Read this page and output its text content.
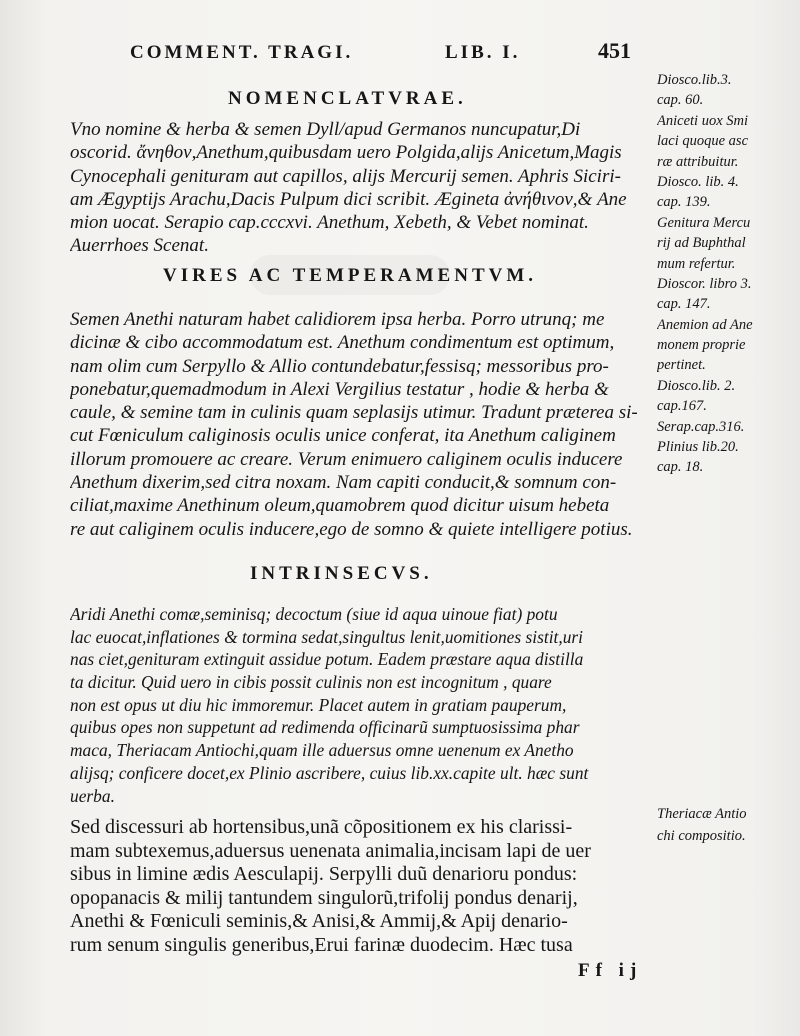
COMMENT. TRAGI.	LIB. I.	451
NOMENCLATVRAE.
Vno nomine & herba & semen Dyll/apud Germanos nuncupatur,Di
oscorid. ἄνηθον,Anethum,quibusdam uero Polgida,alijs Anicetum,Magis
Cynocephali genituram aut capillos, alijs Mercurij semen. Aphris Siciri-
am Ægyptijs Arachu,Dacis Pulpum dici scribit. Ægineta ἀνήθινον,& Ane
mion uocat. Serapio cap.cccxvi. Anethum, Xebeth, & Vebet nominat.
Auerrhoes Scenat.
VIRES AC TEMPERAMENTVM.
Semen Anethi naturam habet calidiorem ipsa herba. Porro utrunq; me
dicinæ & cibo accommodatum est. Anethum condimentum est optimum,
nam olim cum Serpyllo & Allio contundebatur,fessisq; messoribus pro-
ponebatur,quemadmodum in Alexi Vergilius testatur , hodie & herba &
caule, & semine tam in culinis quam seplasijs utimur. Tradunt præterea si-
cut Fœniculum caliginosis oculis unice conferat, ita Anethum caliginem
illorum promouere ac creare. Verum enimuero caliginem oculis inducere
Anethum dixerim,sed citra noxam. Nam capiti conducit,& somnum con-
ciliat,maxime Anethinum oleum,quamobrem quod dicitur uisum hebeta
re aut caliginem oculis inducere,ego de somno & quiete intelligere potius.
INTRINSECVS.
Aridi Anethi comæ,seminisq; decoctum (siue id aqua uinoue fiat) potu
lac euocat,inflationes & tormina sedat,singultus lenit,uomitiones sistit,uri
nas ciet,genituram extinguit assidue potum. Eadem præstare aqua distilla
ta dicitur. Quid uero in cibis possit culinis non est incognitum , quare
non est opus ut diu hic immoremur. Placet autem in gratiam pauperum,
quibus opes non suppetunt ad redimenda officinarũ sumptuosissima phar
maca, Theriacam Antiochi,quam ille aduersus omne uenenum ex Anetho
alijsq; conficere docet,ex Plinio ascribere, cuius lib.xx.capite ult. hæc sunt
uerba.
Sed discessuri ab hortensibus,unã cõpositionem ex his clarissi-
mam subtexemus,aduersus uenenata animalia,incisam lapi de uer
sibus in limine ædis Aesculapij. Serpylli duũ denarioru pondus:
opopanacis & milij tantundem singulorũ,trifolij pondus denarij,
Anethi & Fœniculi seminis,& Anisi,& Ammij,& Apij denario-
rum senum singulis generibus,Erui farinæ duodecim. Hæc tusa
Dioscο.lib.3.
cap. 60.
Aniceti uox Smi
laci quoque asc
ræ attribuitur.
Diosco. lib. 4.
cap. 139.
Genitura Mercu
rij ad Buphthal
mum refertur.
Dioscor. libro 3.
cap. 147.
Anemion ad Ane
monem proprie
pertinet.
Diosco.lib. 2.
cap.167.
Serap.cap.316.
Plinius lib.20.
cap. 18.
Theriacæ Antio
chi compositio.
Ff ij
